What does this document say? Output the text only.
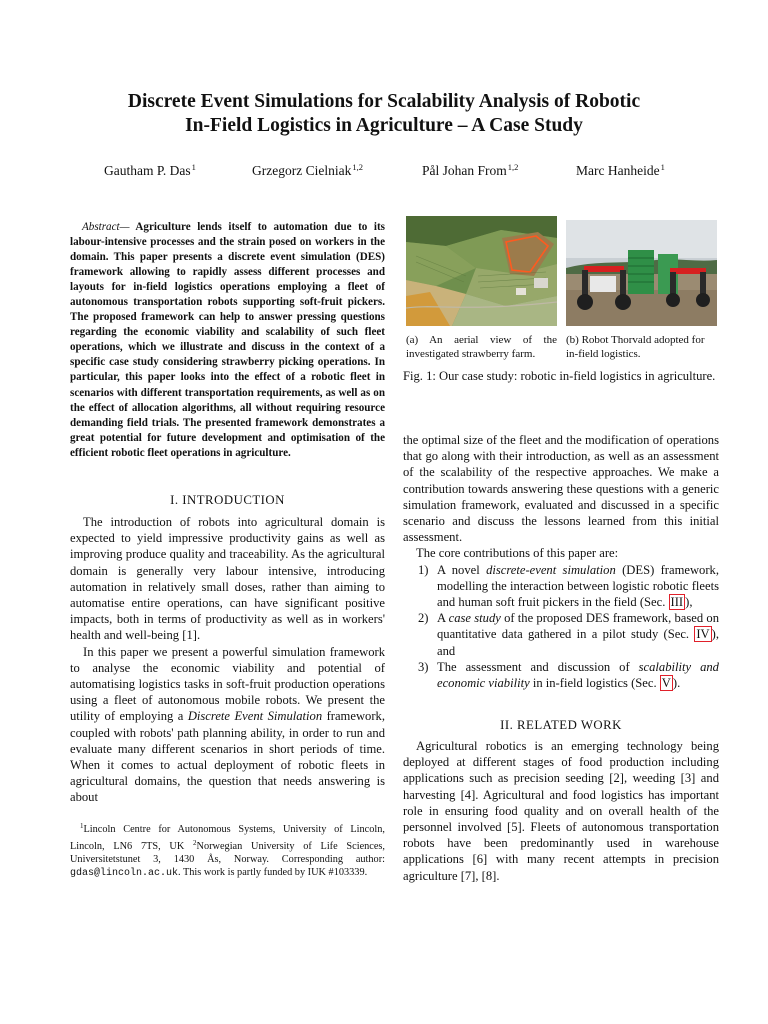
Discrete Event Simulations for Scalability Analysis of Robotic
In-Field Logistics in Agriculture – A Case Study
Gautham P. Das$^1$	Grzegorz Cielniak$^{1,2}$	Pål Johan From$^{1,2}$	Marc Hanheide$^1$
Abstract— Agriculture lends itself to automation due to its labour-intensive processes and the strain posed on workers in the domain. This paper presents a discrete event simulation (DES) framework allowing to rapidly assess different processes and layouts for in-field logistics operations employing a fleet of autonomous transportation robots supporting soft-fruit pickers. The proposed framework can help to answer pressing questions regarding the economic viability and scalability of such fleet operations, which we illustrate and discuss in the context of a specific case study considering strawberry picking operations. In particular, this paper looks into the effect of a robotic fleet in scenarios with different transportation requirements, as well as on the effect of allocation algorithms, all without requiring resource demanding field trials. The presented framework demonstrates a great potential for future development and optimisation of the efficient robotic fleet operations in agriculture.
I. INTRODUCTION

The introduction of robots into agricultural domain is expected to yield impressive productivity gains as well as improving produce quality and traceability. As the agricultural domain is generally very labour intensive, introducing automation in relatively small doses, rather than aiming to automatise entire operations, can have significant positive impacts, both in terms of productivity as well as in workers' health and well-being [1].

In this paper we present a powerful simulation framework to analyse the economic viability and potential of automatising logistics tasks in soft-fruit production operations using a fleet of autonomous mobile robots. We present the utility of employing a Discrete Event Simulation framework, coupled with robots' path planning ability, in order to run and evaluate many different scenarios in short periods of time. When it comes to actual deployment of robotic fleets in agricultural domains, the question that needs answering is about

$^1$Lincoln Centre for Autonomous Systems, University of Lincoln, Lincoln, LN6 7TS, UK $^2$Norwegian University of Life Sciences, Universitetstunet 3, 1430 Ås, Norway. Corresponding author: gdas@lincoln.ac.uk. This work is partly funded by IUK #103339.
(a) An aerial view of the investigated strawberry farm.
(b) Robot Thorvald adopted for in-field logistics.
Fig. 1: Our case study: robotic in-field logistics in agriculture.

the optimal size of the fleet and the modification of operations that go along with their introduction, as well as an assessment of the scalability of the respective approaches. We make a contribution towards answering these questions with a generic simulation framework, evaluated and discussed in a specific scenario and discuss the lessons learned from this initial assessment.

The core contributions of this paper are:

1) A novel discrete-event simulation (DES) framework, modelling the interaction between logistic robotic fleets and human soft fruit pickers in the field (Sec. III ),
2) A case study of the proposed DES framework, based on quantitative data gathered in a pilot study (Sec. IV ), and
3) The assessment and discussion of scalability and economic viability in in-field logistics (Sec. V ).
II. RELATED WORK

Agricultural robotics is an emerging technology being deployed at different stages of food production including applications such as precision seeding [2], weeding [3] and harvesting [4]. Agricultural and food logistics has important role in ensuring food quality and on overall health of the personnel involved [5]. Fleets of autonomous transportation robots have been predominantly used in warehouse applications [6] with many recent attempts in precision agriculture [7], [8].
